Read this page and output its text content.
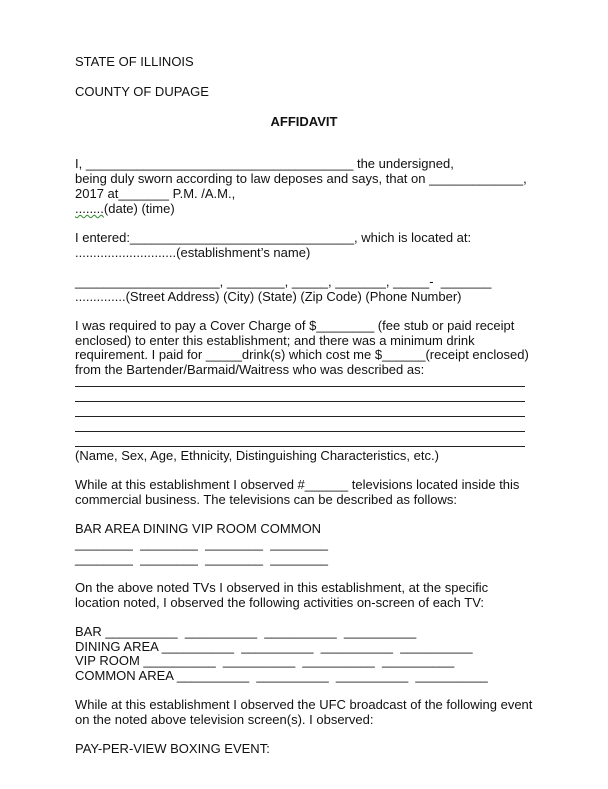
STATE OF ILLINOIS
COUNTY OF DUPAGE
AFFIDAVIT
I, _____________________________________ the undersigned,
being duly sworn according to law deposes and says, that on _____________,
2017 at_______ P.M. /A.M.,
........(date) (time)
I entered:_______________________________, which is located at:
............................(establishment’s name)
____________________, ________, _____, _______, _____-  _______
..............(Street Address) (City) (State) (Zip Code) (Phone Number)
I was required to pay a Cover Charge of $________ (fee stub or paid receipt
enclosed) to enter this establishment; and there was a minimum drink
requirement. I paid for _____drink(s) which cost me $______(receipt enclosed)
from the Bartender/Barmaid/Waitress who was described as:
(Name, Sex, Age, Ethnicity, Distinguishing Characteristics, etc.)
While at this establishment I observed #______ televisions located inside this
commercial business. The televisions can be described as follows:
BAR AREA DINING VIP ROOM COMMON
________  ________  ________  ________
________  ________  ________  ________
On the above noted TVs I observed in this establishment, at the specific
location noted, I observed the following activities on-screen of each TV:
BAR __________  __________  __________  __________
DINING AREA __________  __________  __________  __________
VIP ROOM __________  __________  __________  __________
COMMON AREA __________  __________  __________  __________
While at this establishment I observed the UFC broadcast of the following event
on the noted above television screen(s). I observed:
PAY-PER-VIEW BOXING EVENT:
